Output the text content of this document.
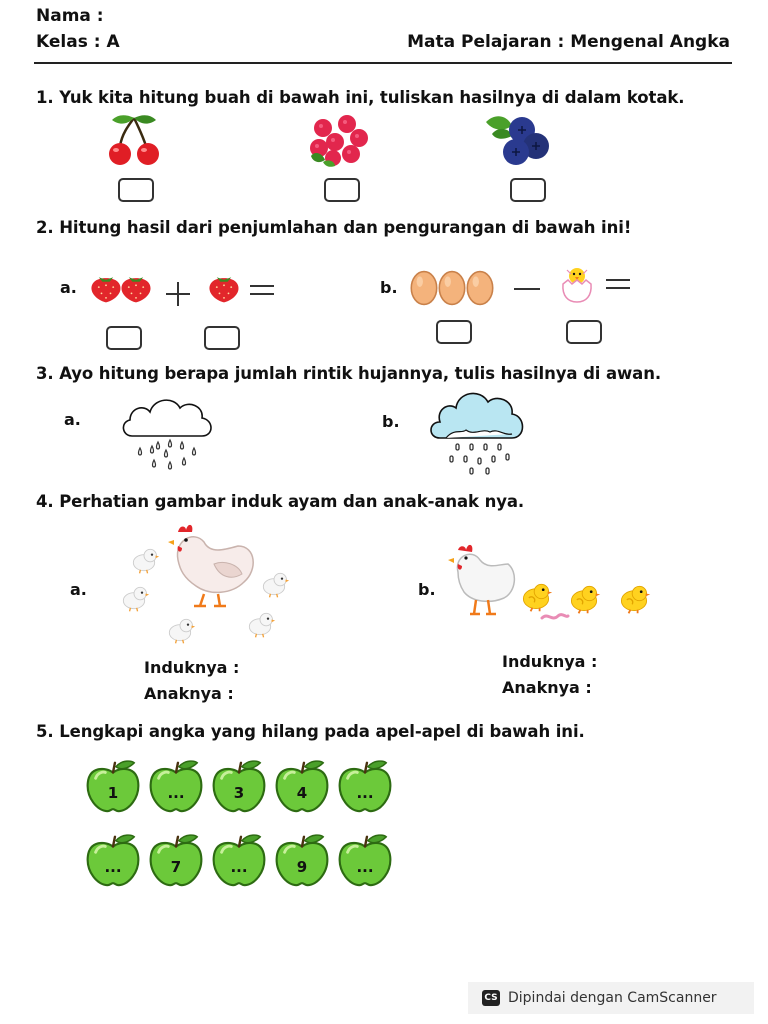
Nama :
Kelas : A	Mata Pelajaran : Mengenal Angka
1. Yuk kita hitung buah di bawah ini, tuliskan hasilnya di dalam kotak.
2. Hitung hasil dari penjumlahan dan pengurangan di bawah ini!
a.	b.
3. Ayo hitung berapa jumlah rintik hujannya, tulis hasilnya di awan.
a.	b.
4. Perhatian gambar induk ayam dan anak-anak nya.
a.
Induknya :
Anaknya :
b.
Induknya :
Anaknya :
5. Lengkapi angka yang hilang pada apel-apel di bawah ini.
1	...	3	4	...
...	7	...	9	...
CS Dipindai dengan CamScanner
